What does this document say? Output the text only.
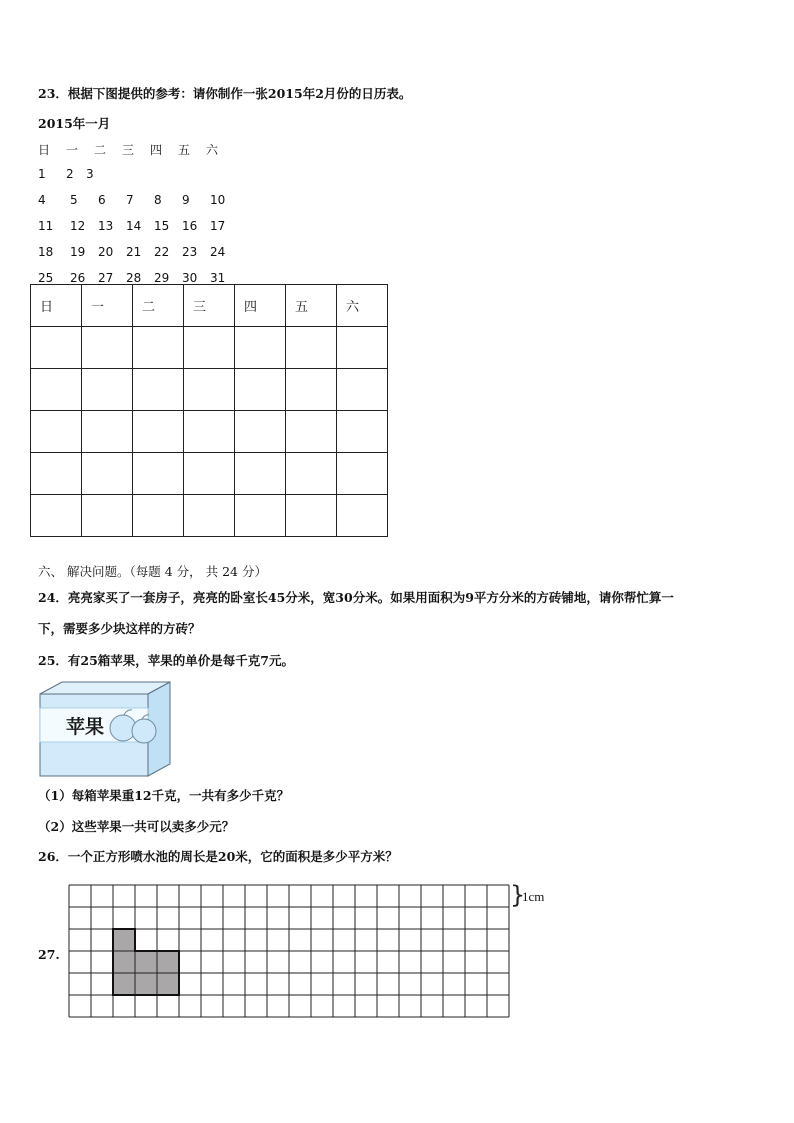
23．根据下图提供的参考：请你制作一张2015年2月份的日历表。
2015年一月
日 一 二 三 四 五 六
1 2 3
4 5 6 7 8 9 10
11 12 13 14 15 16 17
18 19 20 21 22 23 24
25 26 27 28 29 30 31
日	一	二	三	四	五	六

六、 解决问题。（每题 4 分， 共 24 分）
24．亮亮家买了一套房子，亮亮的卧室长45分米，宽30分米。如果用面积为9平方分米的方砖铺地，请你帮忙算一
下，需要多少块这样的方砖？
25．有25箱苹果，苹果的单价是每千克7元。
苹果
（1）每箱苹果重12千克，一共有多少千克？
（2）这些苹果一共可以卖多少元？
26．一个正方形喷水池的周长是20米，它的面积是多少平方米？
27.
}
1cm
